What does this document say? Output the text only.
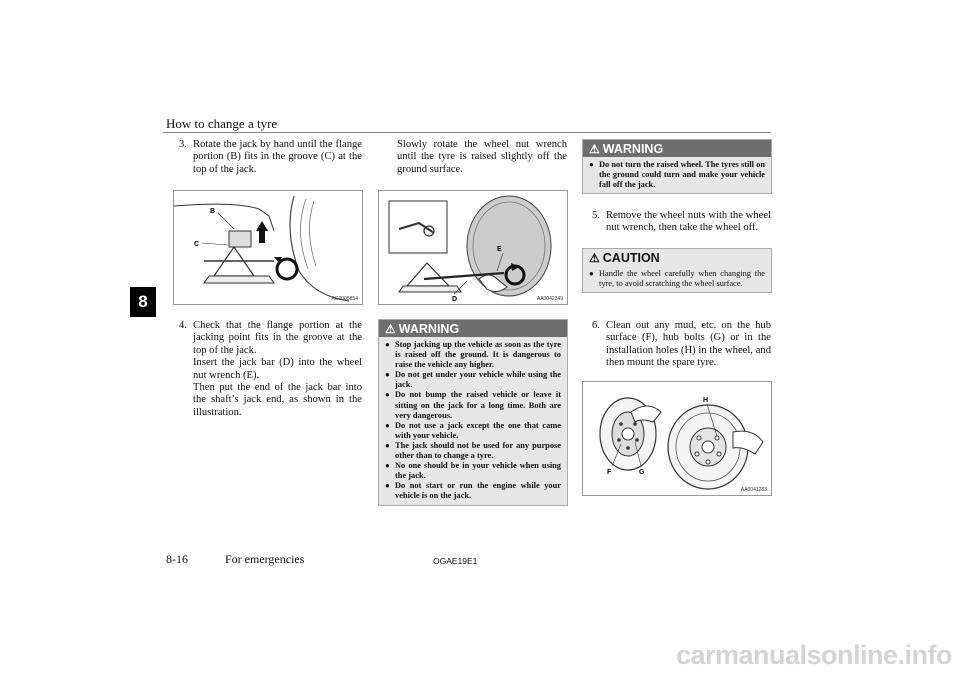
How to change a tyre
8
3. Rotate the jack by hand until the flange portion (B) fits in the groove (C) at the top of the jack.
B
C
AG0005854
4. Check that the flange portion at the jacking point fits in the groove at the top of the jack.
Insert the jack bar (D) into the wheel nut wrench (E).
Then put the end of the jack bar into the shaft’s jack end, as shown in the illustration.
Slowly rotate the wheel nut wrench until the tyre is raised slightly off the ground surface.
D
E
AA0042349
⚠ WARNING
● Stop jacking up the vehicle as soon as the tyre is raised off the ground. It is dangerous to raise the vehicle any higher.
● Do not get under your vehicle while using the jack.
● Do not bump the raised vehicle or leave it sitting on the jack for a long time. Both are very dangerous.
● Do not use a jack except the one that came with your vehicle.
● The jack should not be used for any purpose other than to change a tyre.
● No one should be in your vehicle when using the jack.
● Do not start or run the engine while your vehicle is on the jack.
⚠ WARNING
● Do not turn the raised wheel. The tyres still on the ground could turn and make your vehicle fall off the jack.
5. Remove the wheel nuts with the wheel nut wrench, then take the wheel off.
⚠ CAUTION
● Handle the wheel carefully when changing the tyre, to avoid scratching the wheel surface.
6. Clean out any mud, etc. on the hub surface (F), hub bolts (G) or in the installation holes (H) in the wheel, and then mount the spare tyre.
F	G
H
AA0041283
8-16	For emergencies	OGAE19E1
carmanualsonline.info
